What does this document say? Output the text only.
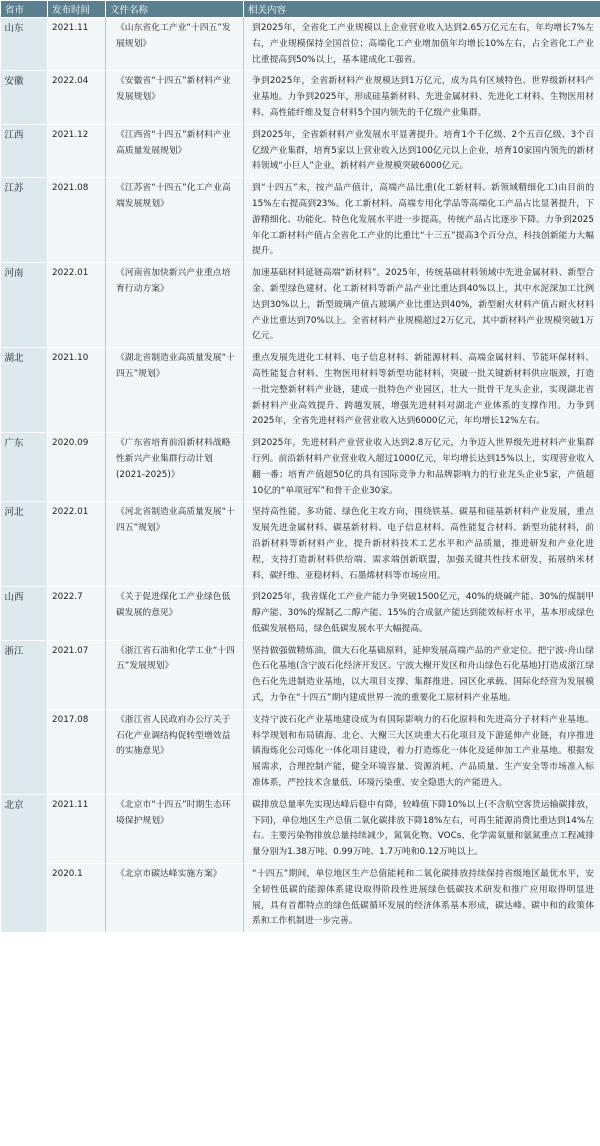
省市	发布时间	文件名称	相关内容
山东	2021.11	《山东省化工产业“十四五”发展规划》	到2025年，全省化工产业规模以上企业营业收入达到2.65万亿元左右，年均增长7%左右，产业规模保持全国首位；高端化工产业增加值年均增长10%左右，占全省化工产业比重提高到50%以上，基本建成化工强省。
安徽	2022.04	《安徽省“十四五”新材料产业发展规划》	争到2025年，全省新材料产业规模达到1万亿元，成为具有区域特色、世界级新材料产业基地。力争到2025年，形成硅基新材料、先进金属材料、先进化工材料、生物医用材料、高性能纤维及复合材料5个国内领先的千亿级产业集群。
江西	2021.12	《江西省“十四五”新材料产业高质量发展规划》	到2025年，全省新材料产业发展水平显著提升。培育1个千亿级、2个五百亿级、3个百亿级产业集群，培育5家以上营业收入达到100亿元以上企业，培育10家国内领先的新材料领域“小巨人”企业，新材料产业规模突破6000亿元。
江苏	2021.08	《江苏省“十四五”化工产业高端发展规划》	到“十四五”末，按产品产值计，高端产品比重(化工新材料、新领域精细化工)由目前的15%左右提高到23%。化工新材料、高端专用化学品等高端化工产品占比显著提升，下游精细化、功能化、特色化发展水平进一步提高，传统产品占比逐步下降。力争到2025年化工新材料产值占全省化工产业的比重比“十三五”提高3个百分点，科技创新能力大幅提升。
河南	2022.01	《河南省加快新兴产业重点培育行动方案》	加速基础材料延链高端“新材料”。2025年，传统基础材料领域中先进金属材料、新型合金、新型绿色建材、化工新材料等新产品产业比重达到40%以上，其中水泥深加工比例达到30%以上，新型玻璃产值占玻璃产业比重达到40%，新型耐火材料产值占耐火材料产业比重达到70%以上。全省材料产业规模超过2万亿元，其中新材料产业规模突破1万亿元。
湖北	2021.10	《湖北省制造业高质量发展“十四五”规划》	重点发展先进化工材料、电子信息材料、新能源材料、高端金属材料、节能环保材料、高性能复合材料、生物医用材料等新型功能材料，突破一批关键新材料供应瓶颈，打造一批完整新材料产业链，建成一批特色产业园区，壮大一批骨干龙头企业，实现湖北省新材料产业高效提升、跨越发展，增强先进材料对湖北产业体系的支撑作用。力争到2025年，全省先进材料产业营业收入达到6000亿元，年均增长12%左右。
广东	2020.09	《广东省培育前沿新材料战略性新兴产业集群行动计划(2021-2025)》	到2025年，先进材料产业营业收入达到2.8万亿元，力争迈入世界级先进材料产业集群行列。前沿新材料产业营业收入超过1000亿元，年均增长达到15%以上，实现营业收入翻一番；培育产值超50亿的具有国际竞争力和品牌影响力的行业龙头企业5家，产值超10亿的“单项冠军”和骨干企业30家。
河北	2022.01	《河北省制造业高质量发展“十四五”规划》	坚持高性能、多功能、绿色化主攻方向，围绕铁基、碳基和硅基新材料产业发展，重点发展先进金属材料、碳基新材料、电子信息材料、高性能复合材料、新型功能材料，前沿新材料等新材料产业，提升新材料技术工艺水平和产品质量，推进研发和产业化进程，支持打造新材料供给端、需求端创新联盟，加强关键共性技术研发，拓展纳米材料、碳纤维、亚稳材料、石墨烯材料等市场应用。
山西	2022.7	《关于促进煤化工产业绿色低碳发展的意见》	到2025年，我省煤化工产业产能力争突破1500亿元，40%的烧碱产能、30%的煤制甲醇产能、30%的煤制乙二醇产能、15%的合成氨产能达到能效标杆水平，基本形成绿色低碳发展格局，绿色低碳发展水平大幅提高。
浙江	2021.07	《浙江省石油和化学工业“十四五”发展规划》	坚持做强做精炼油，做大石化基础原料，延伸发展高端产品的产业定位。把宁波-舟山绿色石化基地(含宁波石化经济开发区、宁波大榭开发区和舟山绿色石化基地)打造成浙江绿色石化先进制造业基地，以大项目支撑、集群推进、园区化承载、国际化经营为发展模式，力争在“十四五”期内建成世界一流的重要化工原材料产业基地。
	2017.08	《浙江省人民政府办公厅关于石化产业调结构促转型增效益的实施意见》	支持宁波石化产业基地建设成为有国际影响力的石化原料和先进高分子材料产业基地。科学规划和布局镇海、北仑、大榭三大区块重大石化项目及下游延伸产业链，有序推进镇海炼化公司炼化一体化项目建设，着力打造炼化一体化及延伸加工产业基地。根据发展需求，合理控制产能，健全环境容量、资源消耗、产品质量、生产安全等市场准入标准体系，严控技术含量低、环境污染重、安全隐患大的产能进入。
北京	2021.11	《北京市“十四五”时期生态环境保护规划》	碳排放总量率先实现达峰后稳中有降，较峰值下降10%以上(不含航空客货运输碳排放，下同)，单位地区生产总值二氧化碳排放下降18%左右，可再生能源消费比重达到14%左右。主要污染物排放总量持续减少，氮氧化物、VOCs、化学需氧量和氨氮重点工程减排量分别为1.38万吨、0.99万吨、1.7万吨和0.12万吨以上。
	2020.1	《北京市碳达峰实施方案》	“十四五”期间，单位地区生产总值能耗和二氧化碳排放持续保持省级地区最优水平，安全韧性低碳的能源体系建设取得阶段性进展绿色低碳技术研发和推广应用取得明显进展，具有首都特点的绿色低碳循环发展的经济体系基本形成，碳达峰、碳中和的政策体系和工作机制进一步完善。
